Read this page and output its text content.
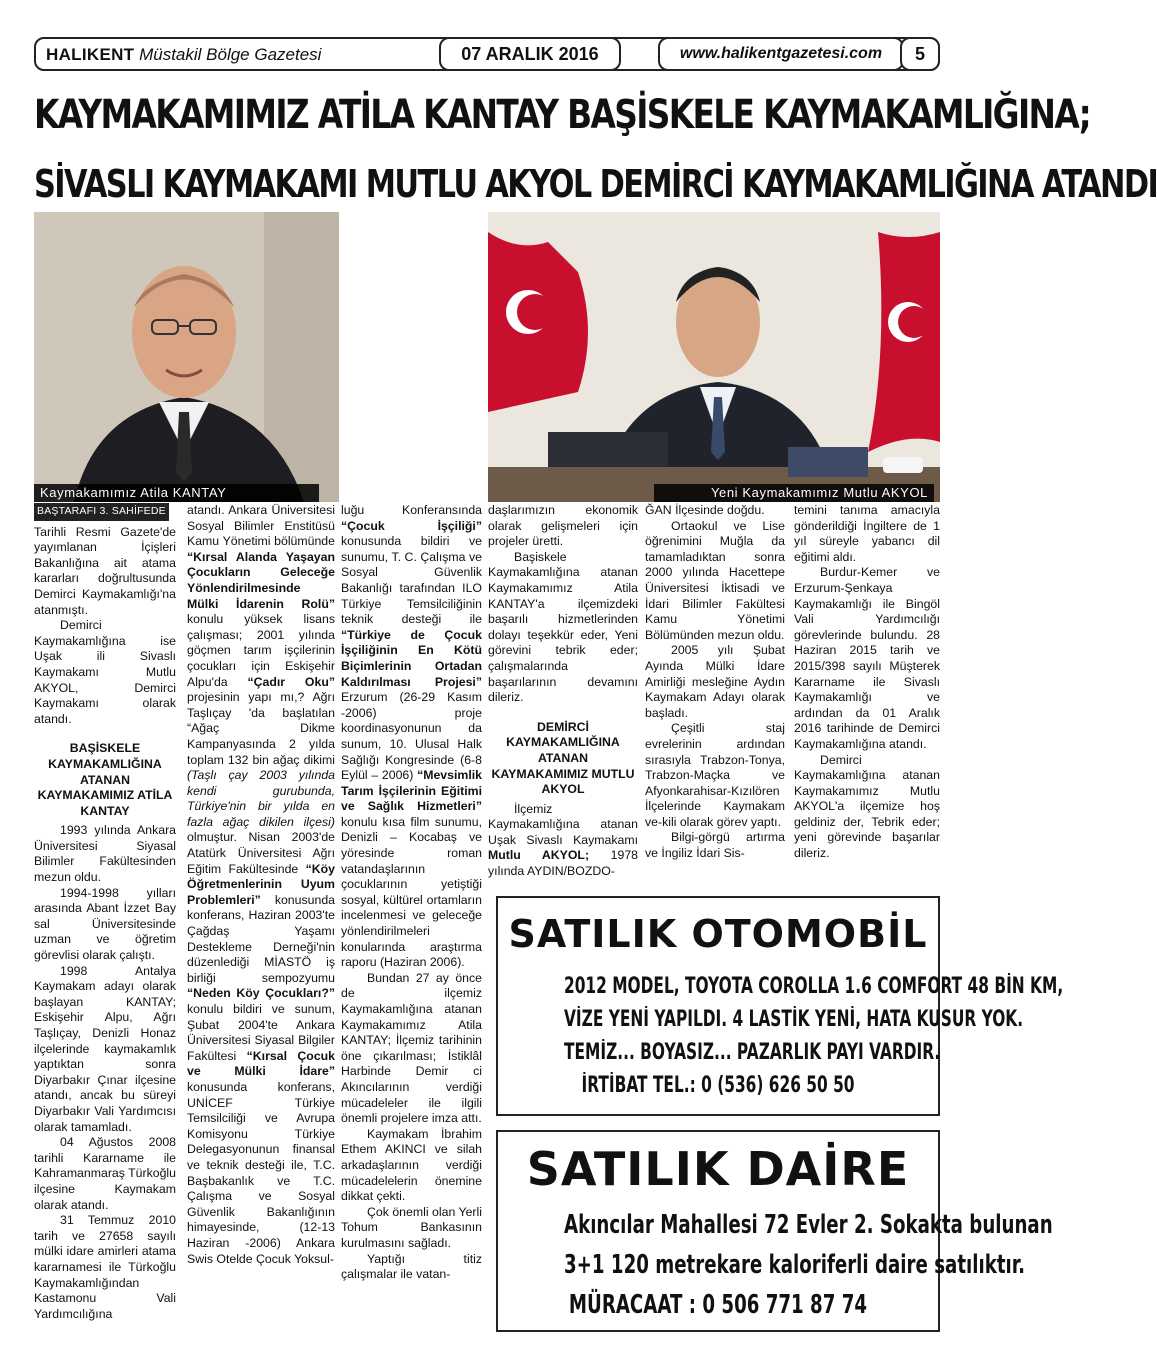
HALIKENT Müstakil Bölge Gazetesi	07 ARALIK 2016	www.halikentgazetesi.com	5
KAYMAKAMIMIZ ATİLA KANTAY BAŞİSKELE KAYMAKAMLIĞINA;
SİVASLI KAYMAKAMI MUTLU AKYOL DEMİRCİ KAYMAKAMLIĞINA ATANDI
Kaymakamımız Atila KANTAY	Yeni Kaymakamımız Mutlu AKYOL
BAŞTARAFI 3. SAHİFEDE

Tarihli Resmi Gazete'de yayımlanan İçişleri Bakanlığına ait atama kararları doğrultusunda Demirci Kaymakamlığı'na atanmıştı.

Demirci Kaymakamlığına ise Uşak ili Sivaslı Kaymakamı Mutlu AKYOL, Demirci Kaymakamı olarak atandı.

BAŞİSKELE KAYMAKAMLIĞINA ATANAN KAYMAKAMIMIZ ATİLA KANTAY

1993 yılında Ankara Üniversitesi Siyasal Bilimler Fakültesinden mezun oldu.

1994-1998 yılları arasında Abant İzzet Bay sal Üniversitesinde uzman ve öğretim görevlisi olarak çalıştı.

1998 Antalya Kaymakam adayı olarak başlayan KANTAY; Eskişehir Alpu, Ağrı Taşlıçay, Denizli Honaz ilçelerinde kaymakamlık yaptıktan sonra Diyarbakır Çınar ilçesine atandı, ancak bu süreyi Diyarbakır Vali Yardımcısı olarak tamamladı.

04 Ağustos 2008 tarihli Kararname ile Kahramanmaraş Türkoğlu ilçesine Kaymakam olarak atandı.

31 Temmuz 2010 tarih ve 27658 sayılı mülki idare amirleri atama kararnamesi ile Türkoğlu Kaymakamlığından Kastamonu Vali Yardımcılığına

atandı. Ankara Üniversitesi Sosyal Bilimler Enstitüsü Kamu Yönetimi bölümünde “Kırsal Alanda Yaşayan Çocukların Geleceğe Yönlendirilmesinde Mülki İdarenin Rolü” konulu yüksek lisans çalışması; 2001 yılında göçmen tarım işçilerinin çocukları için Eskişehir Alpu'da “Çadır Oku” projesinin yapı mı,? Ağrı Taşlıçay 'da başlatılan “Ağaç Dikme Kampanyasında 2 yılda toplam 132 bin ağaç dikimi (Taşlı çay 2003 yılında kendi gurubunda, Türkiye'nin bir yılda en fazla ağaç dikilen ilçesi) olmuştur. Nisan 2003'de Atatürk Üniversitesi Ağrı Eğitim Fakültesinde “Köy Öğretmenlerinin Uyum Problemleri” konusunda konferans, Haziran 2003'te Çağdaş Yaşamı Destekleme Derneği'nin düzenlediği MİASTÖ iş birliği sempozyumu “Neden Köy Çocukları?” konulu bildiri ve sunum, Şubat 2004'te Ankara Üniversitesi Siyasal Bilgiler Fakültesi “Kırsal Çocuk ve Mülki İdare” konusunda konferans, UNİCEF Türkiye Temsilciliği ve Avrupa Komisyonu Türkiye Delegasyonunun finansal ve teknik desteği ile, T.C. Başbakanlık ve T.C. Çalışma ve Sosyal Güvenlik Bakanlığının himayesinde, (12-13 Haziran -2006) Ankara Swis Otelde Çocuk Yoksul-

luğu Konferansında “Çocuk İşçiliği” konusunda bildiri ve sunumu, T. C. Çalışma ve Sosyal Güvenlik Bakanlığı tarafından ILO Türkiye Temsilciliğinin teknik desteği ile “Türkiye de Çocuk İşçiliğinin En Kötü Biçimlerinin Ortadan Kaldırılması Projesi” Erzurum (26-29 Kasım -2006) proje koordinasyonunun da sunum, 10. Ulusal Halk Sağlığı Kongresinde (6-8 Eylül – 2006) “Mevsimlik Tarım İşçilerinin Eğitimi ve Sağlık Hizmetleri” konulu kısa film sunumu, Denizli – Kocabaş ve yöresinde roman vatandaşlarının çocuklarının yetiştiği sosyal, kültürel ortamların incelenmesi ve geleceğe yönlendirilmeleri konularında araştırma raporu (Haziran 2006).

Bundan 27 ay önce de ilçemiz Kaymakamlığına atanan Kaymakamımız Atila KANTAY; İlçemiz tarihinin öne çıkarılması; İstiklâl Harbinde Demir ci Akıncılarının verdiği mücadeleler ile ilgili önemli projelere imza attı.

Kaymakam İbrahim Ethem AKINCI ve silah arkadaşlarının verdiği mücadelelerin önemine dikkat çekti.

Çok önemli olan Yerli Tohum Bankasının kurulmasını sağladı.

Yaptığı titiz çalışmalar ile vatan-

daşlarımızın ekonomik olarak gelişmeleri için projeler üretti.

Başiskele Kaymakamlığına atanan Kaymakamımız Atila KANTAY'a ilçemizdeki başarılı hizmetlerinden dolayı teşekkür eder, Yeni görevini tebrik eder; çalışmalarında başarılarının devamını dileriz.

DEMİRCİ KAYMAKAMLIĞINA ATANAN KAYMAKAMIMIZ MUTLU AKYOL

İlçemiz Kaymakamlığına atanan Uşak Sivaslı Kaymakamı Mutlu AKYOL; 1978 yılında AYDIN/BOZDO-

ĞAN İlçesinde doğdu.

Ortaokul ve Lise öğrenimini Muğla da tamamladıktan sonra 2000 yılında Hacettepe Üniversitesi İktisadi ve İdari Bilimler Fakültesi Kamu Yönetimi Bölümünden mezun oldu.

2005 yılı Şubat Ayında Mülki İdare Amirliği mesleğine Aydın Kaymakam Adayı olarak başladı.

Çeşitli staj evrelerinin ardından sırasıyla Trabzon-Tonya, Trabzon-Maçka ve Afyonkarahisar-Kızılören İlçelerinde Kaymakam ve-kili olarak görev yaptı.

Bilgi-görgü artırma ve İngiliz İdari Sis-

temini tanıma amacıyla gönderildiği İngiltere de 1 yıl süreyle yabancı dil eğitimi aldı.

Burdur-Kemer ve Erzurum-Şenkaya Kaymakamlığı ile Bingöl Vali Yardımcılığı görevlerinde bulundu. 28 Haziran 2015 tarih ve 2015/398 sayılı Müşterek Kararname ile Sivaslı Kaymakamlığı ve ardından da 01 Aralık 2016 tarihinde de Demirci Kaymakamlığına atandı.

Demirci Kaymakamlığına atanan Kaymakamımız Mutlu AKYOL'a ilçemize hoş geldiniz der, Tebrik eder; yeni görevinde başarılar dileriz.

SATILIK OTOMOBİL
2012 MODEL, TOYOTA COROLLA 1.6 COMFORT 48 BİN KM,
VİZE YENİ YAPILDI. 4 LASTİK YENİ, HATA KUSUR YOK.
TEMİZ... BOYASIZ... PAZARLIK PAYI VARDIR.
İRTİBAT TEL.: 0 (536) 626 50 50
SATILIK DAİRE
Akıncılar Mahallesi 72 Evler 2. Sokakta bulunan
3+1 120 metrekare kaloriferli daire satılıktır.
MÜRACAAT : 0 506 771 87 74
